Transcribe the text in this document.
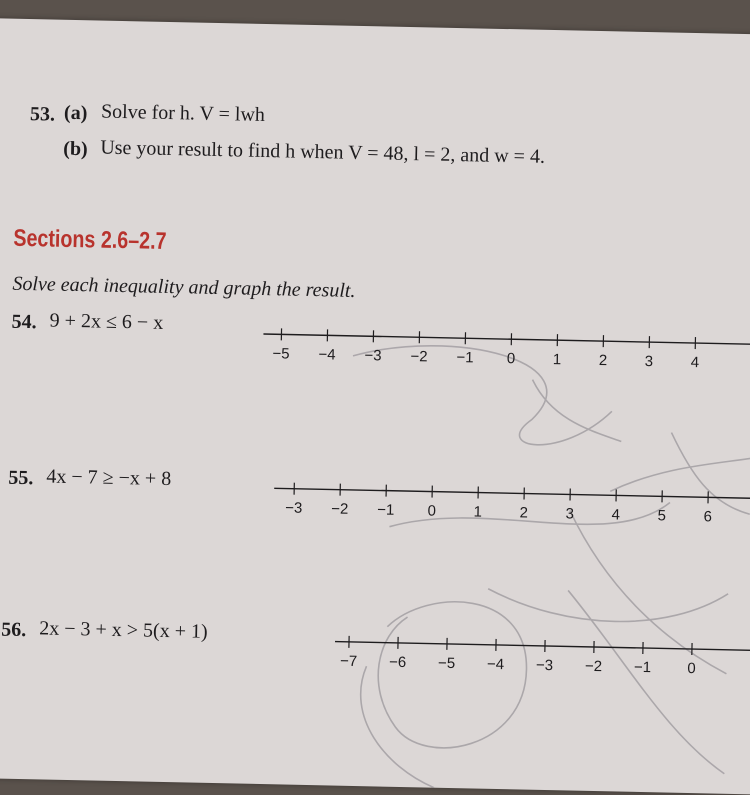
53. (a) Solve for h. V = lwh
(b) Use your result to find h when V = 48, l = 2, and w = 4.
Sections 2.6–2.7
Solve each inequality and graph the result.
54. 9 + 2x ≤ 6 − x
−5 −4 −3 −2 −1 0 1 2 3 4
55. 4x − 7 ≥ −x + 8
−3 −2 −1 0 1 2 3 4 5 6
56. 2x − 3 + x > 5(x + 1)
−7 −6 −5 −4 −3 −2 −1 0
